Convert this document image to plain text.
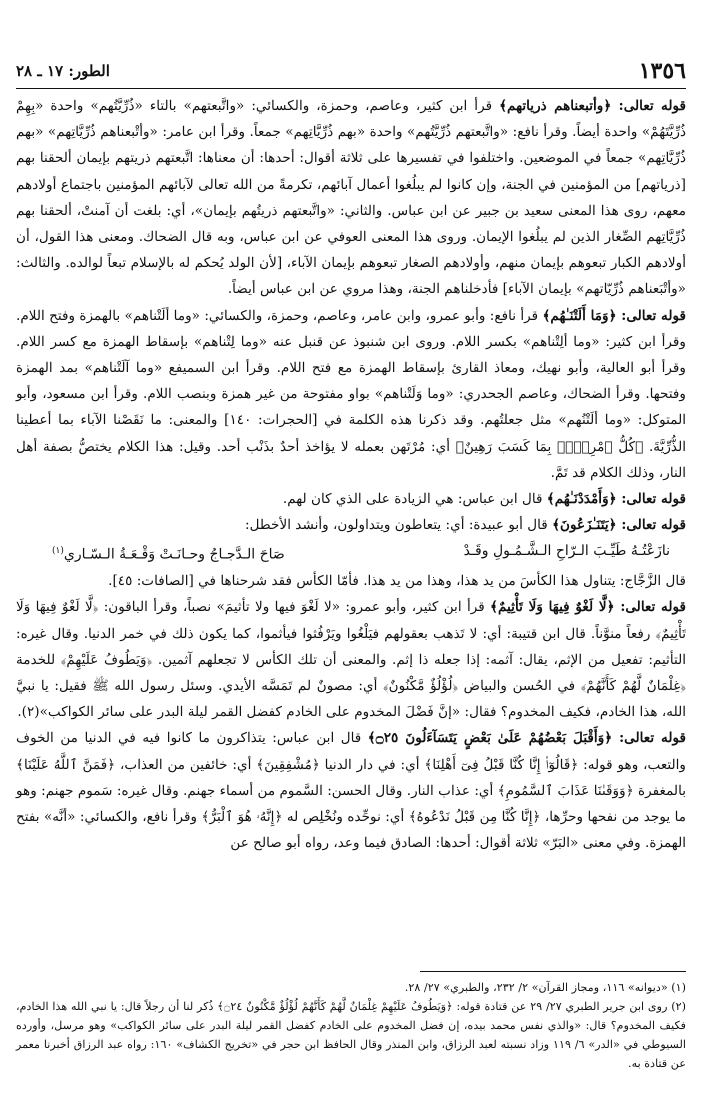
١٣٥٦
الطور: ١٧ ـ ٢٨

قوله تعالى: ﴿وأتبعناهم ذرياتهم﴾ قرأ ابن كثير، وعاصم، وحمزة، والكسائي: «واتَّبعتهم» بالتاء «ذُرِّيَّتُهم» واحدة «بِهِمْ ذُرِّيَّتَهُمْ» واحدة أيضاً. وقرأ نافع: «واتَّبعتهم ذُرِّيَّتُهم» واحدة «بهم ذُرِّيَّاتِهم» جمعاً. وقرأ ابن عامر: «وأتْبعناهم ذُرِّيَّاتِهم» «بهم ذُرِّيَّاتِهم» جمعاً في الموضعين. واختلفوا في تفسيرها على ثلاثة أقوال: أحدها: أن معناها: اتَّبعتهم ذريتهم بإيمان ألحقنا بهم [ذرياتهم] من المؤمنين في الجنة، وإن كانوا لم يبلُغوا أعمال آبائهم، تكرمةً من الله تعالى لآبائهم المؤمنين باجتماع أولادهم معهم، روى هذا المعنى سعيد بن جبير عن ابن عباس. والثاني: «واتَّبعتهم ذريتُهم بإيمان»، أي: بلغت أن آمنتْ، ألحقنا بهم ذُرِّيَّاتِهم الصِّغار الذين لم يبلُغوا الإيمان. وروى هذا المعنى العوفي عن ابن عباس، وبه قال الضحاك. ومعنى هذا القول، أن أولادهم الكبار تبعوهم بإيمان منهم، وأولادهم الصغار تبعوهم بإيمان الآباء، [لأن الولد يُحكم له بالإسلام تبعاً لوالده. والثالث: «وأتْبَعناهم ذُرِّيّاتهم» بإيمان الآباء] فأدخلناهم الجنة، وهذا مروي عن ابن عباس أيضاً.

قوله تعالى: ﴿وَمَا أَلَتْنَـٰهُم﴾ قرأ نافع: وأبو عمرو، وابن عامر، وعاصم، وحمزة، والكسائي: «وما ألَتْناهم» بالهمزة وفتح اللام. وقرأ ابن كثير: «وما ألِتْناهم» بكسر اللام. وروى ابن شنبوذ عن قنبل عنه «وما لِتْناهم» بإسقاط الهمزة مع كسر اللام. وقرأ أبو العالية، وأبو نهيك، ومعاذ القارئ بإسقاط الهمزة مع فتح اللام. وقرأ ابن السميفع «وما آلَتْناهم» بمد الهمزة وفتحها. وقرأ الضحاك، وعاصم الجحدري: «وما وَلَتْناهم» بواو مفتوحة من غير همزة وبنصب اللام. وقرأ ابن مسعود، وأبو المتوكل: «وما ألَتْنُهم» مثل جعلتُهم. وقد ذكرنا هذه الكلمة في [الحجرات: ١٤٠] والمعنى: ما نَقَصْنا الآباء بما أعطينا الذُّرِّيَّةَ. ﴿كُلُّ ٱمْرِيِٕۭ بِمَا كَسَبَ رَهِينٌ﴾ أي: مُرْتَهن بعمله لا يؤاخذ أحدٌ بذَنْب أحد. وقيل: هذا الكلام يختصُّ بصفة أهل النار، وذلك الكلام قد تَمَّ.

قوله تعالى: ﴿وَأَمْدَدْنَـٰهُم﴾ قال ابن عباس: هي الزيادة على الذي كان لهم.

قوله تعالى: ﴿يَتَنَـٰزَعُونَ﴾ قال أبو عبيدة: أي: يتعاطون ويتداولون، وأنشد الأخطل:

نازَعْتُـهُ طَيِّـبَ الـرّاحِ الـشَّـمُـولِ وقَـدْ
صَاحَ الـدَّجـاجُ وحـانَـتْ وَقْـعَـةُ الـسّـاري$^{(١)}$

قال الزَّجَّاج: يتناول هذا الكأسَ من يد هذا، وهذا من يد هذا. فأمّا الكأس فقد شرحناها في [الصافات: ٤٥].

قوله تعالى: ﴿لَّا لَغْوٌ فِيهَا وَلَا تَأْثِيمٌ﴾ قرأ ابن كثير، وأبو عمرو: «لا لَغْوَ فيها ولا تأثيمَ» نصباً، وقرأ الباقون: ﴿لَّا لَغْوٌ فِيهَا وَلَا تَأْثِيمٌ﴾ رفعاً منوَّناً. قال ابن قتيبة: أي: لا تَذهب بعقولهم فيَلْغُوا ويَرْفُثوا فيأثموا، كما يكون ذلك في خمر الدنيا. وقال غيره: التأثيم: تفعيل من الإثم، يقال: آثمه: إذا جعله ذا إثم. والمعنى أن تلك الكأس لا تجعلهم آثمين. ﴿وَيَطُوفُ عَلَيْهِمْ﴾ للخدمة ﴿غِلْمَانٌ لَّهُمْ كَأَنَّهُمْ﴾ في الحُسن والبياض ﴿لُؤْلُؤٌ مَّكْنُونٌ﴾ أي: مصونٌ لم تَمَسَّه الأيدي. وسئل رسول الله ﷺ فقيل: يا نبيَّ الله، هذا الخادم، فكيف المخدوم؟ فقال: «إنَّ فَضْلَ المخدوم على الخادم كفضل القمر ليلة البدر على سائر الكواكب»(٢).

قوله تعالى: ﴿وَأَقْبَلَ بَعْضُهُمْ عَلَىٰ بَعْضٍ يَتَسَآءَلُونَ ۝٢٥﴾ قال ابن عباس: يتذاكرون ما كانوا فيه في الدنيا من الخوف والتعب، وهو قوله: ﴿قَالُوٓا۟ إِنَّا كُنَّا قَبْلُ فِىٓ أَهْلِنَا﴾ أي: في دار الدنيا ﴿مُشْفِقِينَ﴾ أي: خائفين من العذاب، ﴿فَمَنَّ ٱللَّهُ عَلَيْنَا﴾ بالمغفرة ﴿وَوَقَىٰنَا عَذَابَ ٱلسَّمُومِ﴾ أي: عذاب النار. وقال الحسن: السَّموم من أسماء جهنم. وقال غيره: سَموم جهنم: وهو ما يوجد من نفحها وحرِّها، ﴿إِنَّا كُنَّا مِن قَبْلُ نَدْعُوهُ﴾ أي: نوحِّده ونُخْلِص له ﴿إِنَّهُۥ هُوَ ٱلْبَرُّ﴾ وقرأ نافع، والكسائي: «أنَّه» بفتح الهمزة. وفي معنى «البَرّ» ثلاثة أقوال: أحدها: الصادق فيما وعد، رواه أبو صالح عن

(١) «ديوانه» ١١٦، ومجاز القرآن» ٢/ ٢٣٢، والطبري» ٢٧/ ٢٨.

(٢) روى ابن جرير الطبري ٢٧/ ٢٩ عن قتادة قوله: ﴿وَيَطُوفُ عَلَيْهِمْ غِلْمَانٌ لَّهُمْ كَأَنَّهُمْ لُؤْلُؤٌ مَّكْنُونٌ ۝٢٤﴾ ذُكر لنا أن رجلاً قال: يا نبي الله هذا الخادم، فكيف المخدوم؟ قال: «والذي نفس محمد بيده، إن فضل المخدوم على الخادم كفضل القمر ليلة البدر على سائر الكواكب» وهو مرسل، وأورده السيوطي في «الدر» ٦/ ١١٩ وزاد نسبته لعبد الرزاق، وابن المنذر وقال الحافظ ابن حجر في «تخريج الكشاف» ١٦٠: رواه عبد الرزاق أخبرنا معمر عن قتادة به.
